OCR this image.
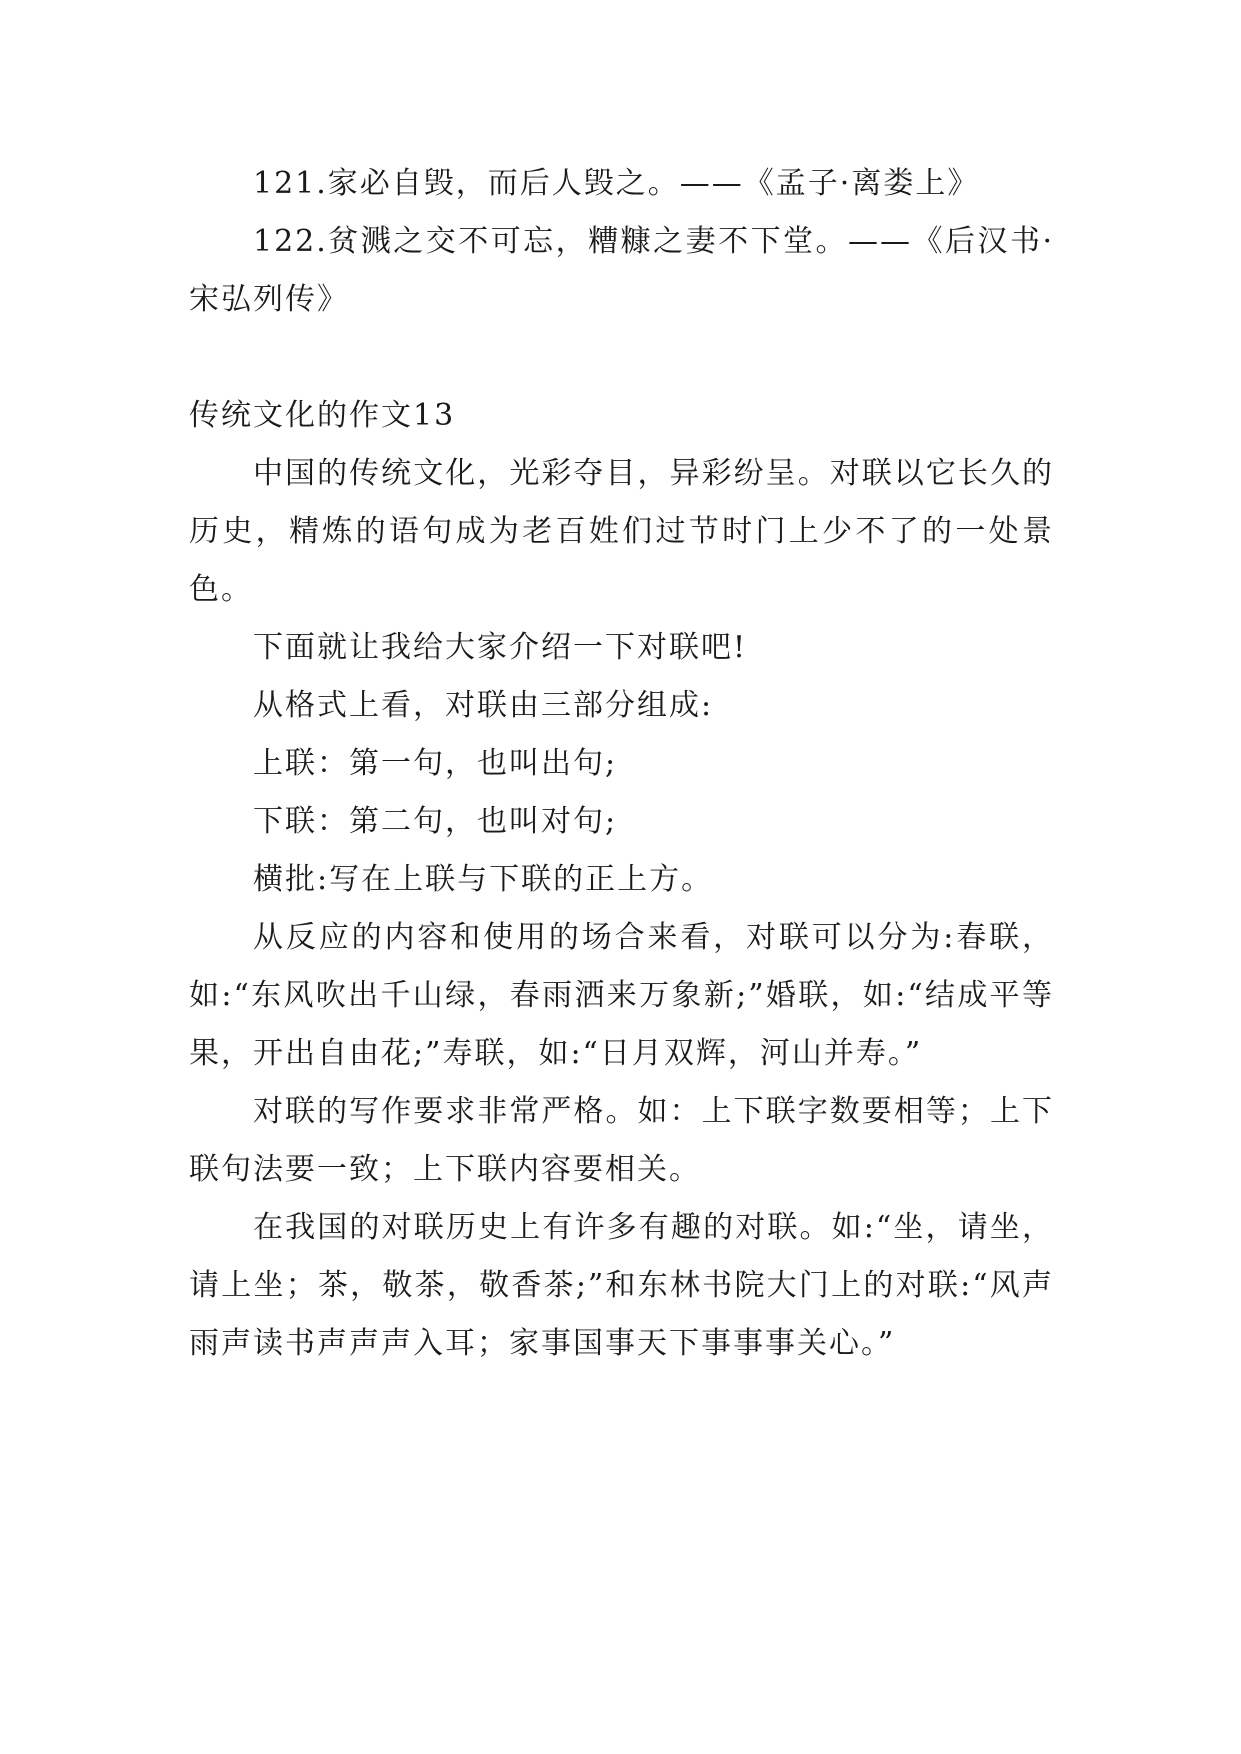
121.家必自毁，而后人毁之。——《孟子·离娄上》

122.贫溅之交不可忘，糟糠之妻不下堂。——《后汉书·宋弘列传》

传统文化的作文13

中国的传统文化，光彩夺目，异彩纷呈。对联以它长久的历史，精炼的语句成为老百姓们过节时门上少不了的一处景色。

下面就让我给大家介绍一下对联吧!

从格式上看，对联由三部分组成:

上联：第一句，也叫出句;

下联：第二句，也叫对句;

横批:写在上联与下联的正上方。

从反应的内容和使用的场合来看，对联可以分为:春联，如:“东风吹出千山绿，春雨洒来万象新;”婚联，如:“结成平等果，开出自由花;”寿联，如:“日月双辉，河山并寿。”

对联的写作要求非常严格。如：上下联字数要相等；上下联句法要一致；上下联内容要相关。

在我国的对联历史上有许多有趣的对联。如:“坐，请坐，请上坐；茶，敬茶，敬香茶;”和东林书院大门上的对联:“风声雨声读书声声声入耳；家事国事天下事事事关心。”
